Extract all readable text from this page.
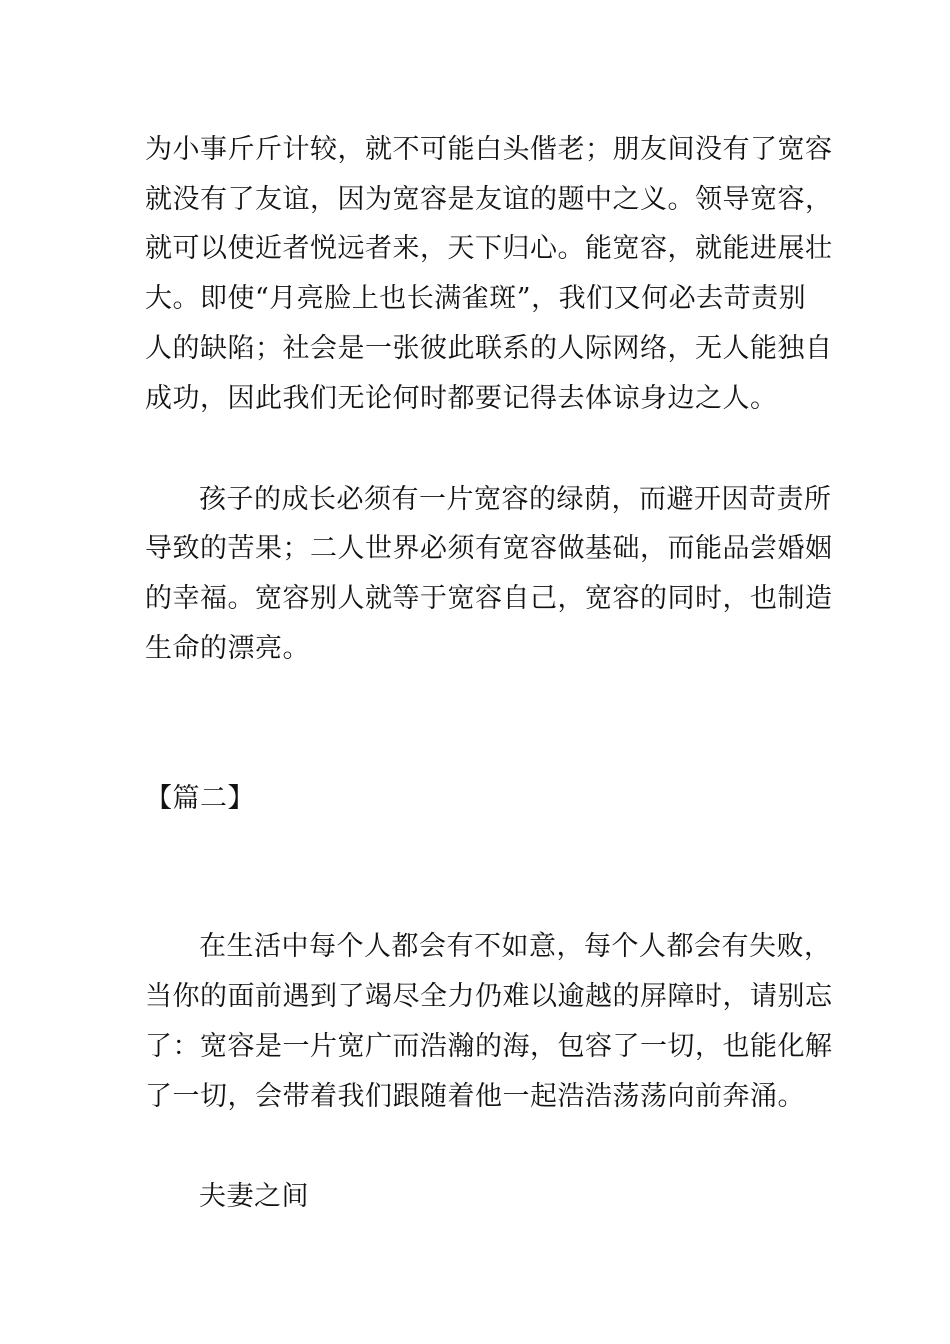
为小事斤斤计较，就不可能白头偕老；朋友间没有了宽容
就没有了友谊，因为宽容是友谊的题中之义。领导宽容，
就可以使近者悦远者来，天下归心。能宽容，就能进展壮
大。即使“月亮脸上也长满雀斑”，我们又何必去苛责别
人的缺陷；社会是一张彼此联系的人际网络，无人能独自
成功，因此我们无论何时都要记得去体谅身边之人。
孩子的成长必须有一片宽容的绿荫，而避开因苛责所
导致的苦果；二人世界必须有宽容做基础，而能品尝婚姻
的幸福。宽容别人就等于宽容自己，宽容的同时，也制造
生命的漂亮。
【篇二】
在生活中每个人都会有不如意，每个人都会有失败，
当你的面前遇到了竭尽全力仍难以逾越的屏障时，请别忘
了：宽容是一片宽广而浩瀚的海，包容了一切，也能化解
了一切，会带着我们跟随着他一起浩浩荡荡向前奔涌。
夫妻之间
